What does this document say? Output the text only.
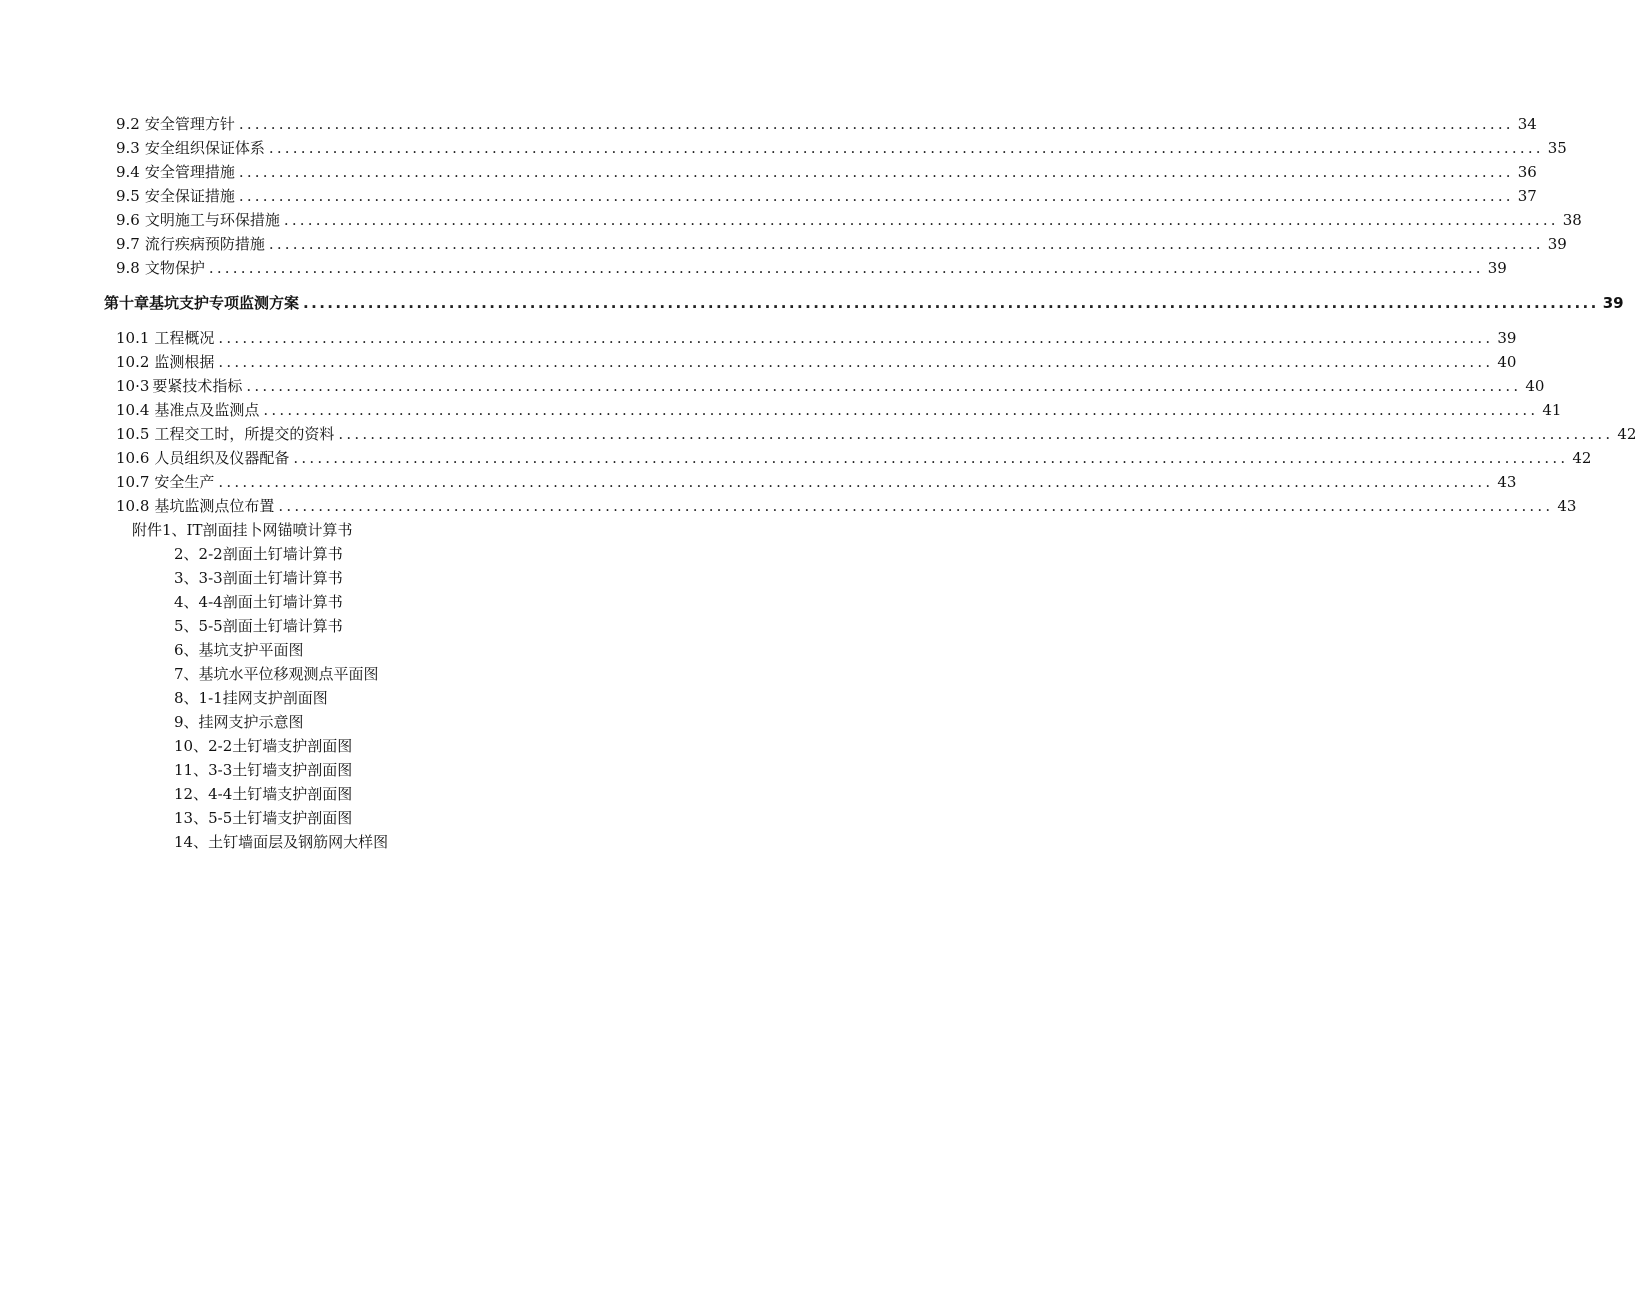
9.2 安全管理方针 ................................................................................................................................................................ 34
9.3 安全组织保证体系 ................................................................................................................................................................ 35
9.4 安全管理措施 ................................................................................................................................................................ 36
9.5 安全保证措施 ................................................................................................................................................................ 37
9.6 文明施工与环保措施 ................................................................................................................................................................ 38
9.7 流行疾病预防措施 ................................................................................................................................................................ 39
9.8 文物保护 ................................................................................................................................................................ 39
第十章基坑支护专项监测方案 ................................................................................................................................................................ 39
10.1 工程概况 ................................................................................................................................................................ 39
10.2 监测根据 ................................................................................................................................................................ 40
10·3 要紧技术指标 ................................................................................................................................................................ 40
10.4 基准点及监测点 ................................................................................................................................................................ 41
10.5 工程交工时，所提交的资料 ................................................................................................................................................................ 42
10.6 人员组织及仪器配备 ................................................................................................................................................................ 42
10.7 安全生产 ................................................................................................................................................................ 43
10.8 基坑监测点位布置 ................................................................................................................................................................ 43
附件1、IT剖面挂卜网锚喷计算书
2、2-2剖面土钉墙计算书
3、3-3剖面土钉墙计算书
4、4-4剖面土钉墙计算书
5、5-5剖面土钉墙计算书
6、基坑支护平面图
7、基坑水平位移观测点平面图
8、1-1挂网支护剖面图
9、挂网支护示意图
10、2-2土钉墙支护剖面图
11、3-3土钉墙支护剖面图
12、4-4土钉墙支护剖面图
13、5-5土钉墙支护剖面图
14、土钉墙面层及钢筋网大样图
